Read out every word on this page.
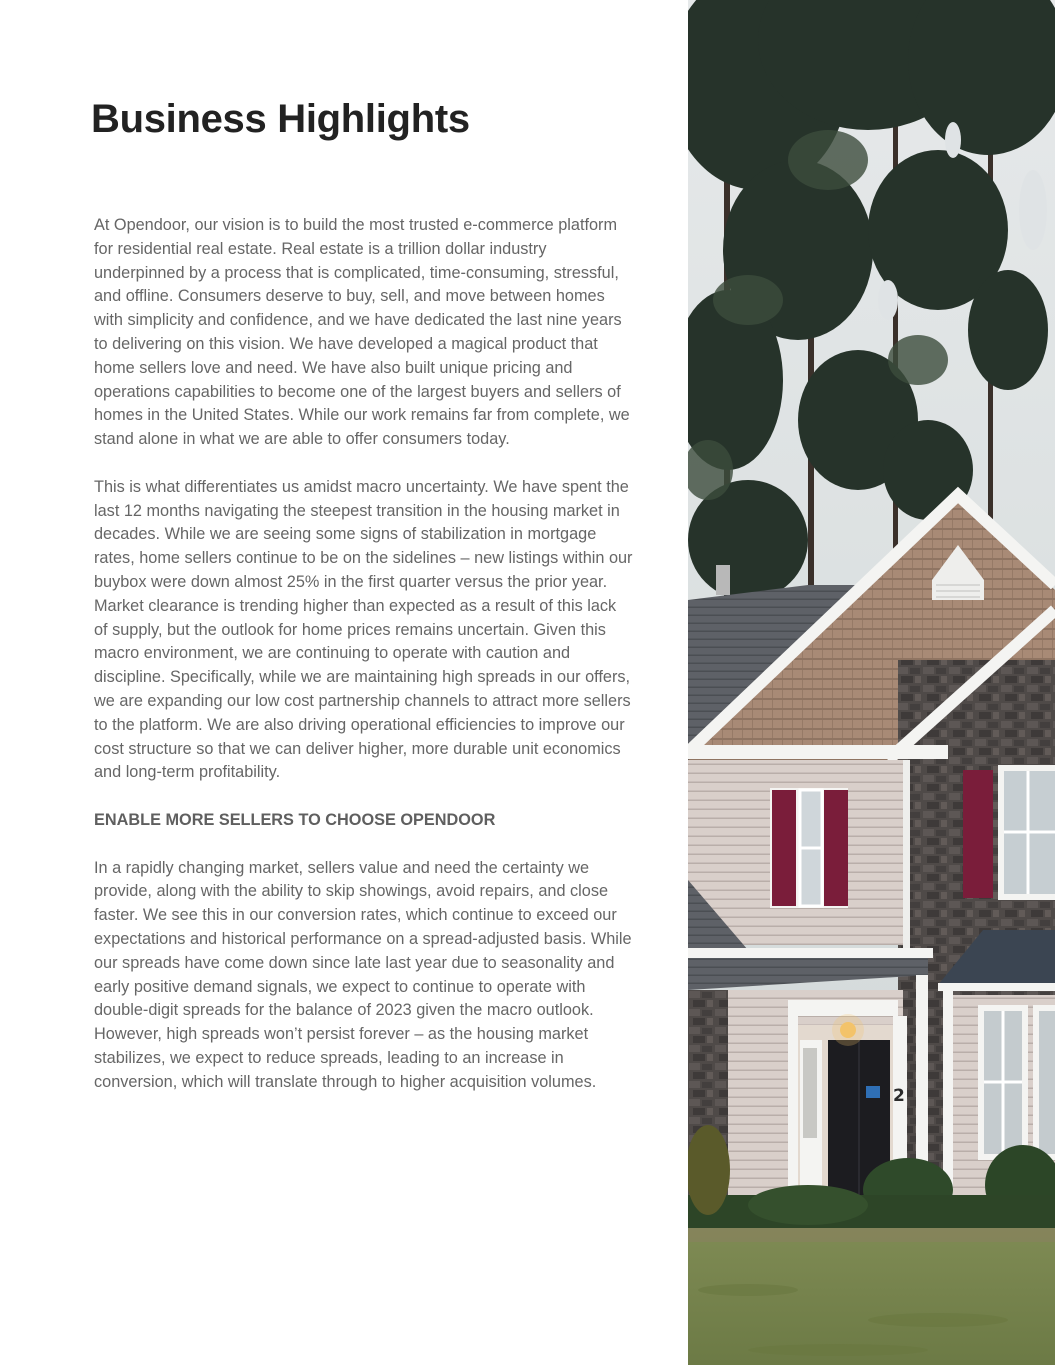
Business Highlights

At Opendoor, our vision is to build the most trusted e-commerce platform for residential real estate. Real estate is a trillion dollar industry underpinned by a process that is complicated, time-consuming, stressful, and offline. Consumers deserve to buy, sell, and move between homes with simplicity and confidence, and we have dedicated the last nine years to delivering on this vision. We have developed a magical product that home sellers love and need. We have also built unique pricing and operations capabilities to become one of the largest buyers and sellers of homes in the United States. While our work remains far from complete, we stand alone in what we are able to offer consumers today.

This is what differentiates us amidst macro uncertainty. We have spent the last 12 months navigating the steepest transition in the housing market in decades. While we are seeing some signs of stabilization in mortgage rates, home sellers continue to be on the sidelines – new listings within our buybox were down almost 25% in the first quarter versus the prior year. Market clearance is trending higher than expected as a result of this lack of supply, but the outlook for home prices remains uncertain. Given this macro environment, we are continuing to operate with caution and discipline. Specifically, while we are maintaining high spreads in our offers, we are expanding our low cost partnership channels to attract more sellers to the platform. We are also driving operational efficiencies to improve our cost structure so that we can deliver higher, more durable unit economics and long-term profitability.

ENABLE MORE SELLERS TO CHOOSE OPENDOOR

In a rapidly changing market, sellers value and need the certainty we provide, along with the ability to skip showings, avoid repairs, and close faster. We see this in our conversion rates, which continue to exceed our expectations and historical performance on a spread-adjusted basis. While our spreads have come down since late last year due to seasonality and early positive demand signals, we expect to continue to operate with double-digit spreads for the balance of 2023 given the macro outlook. However, high spreads won’t persist forever – as the housing market stabilizes, we expect to reduce spreads, leading to an increase in conversion, which will translate through to higher acquisition volumes.

2
